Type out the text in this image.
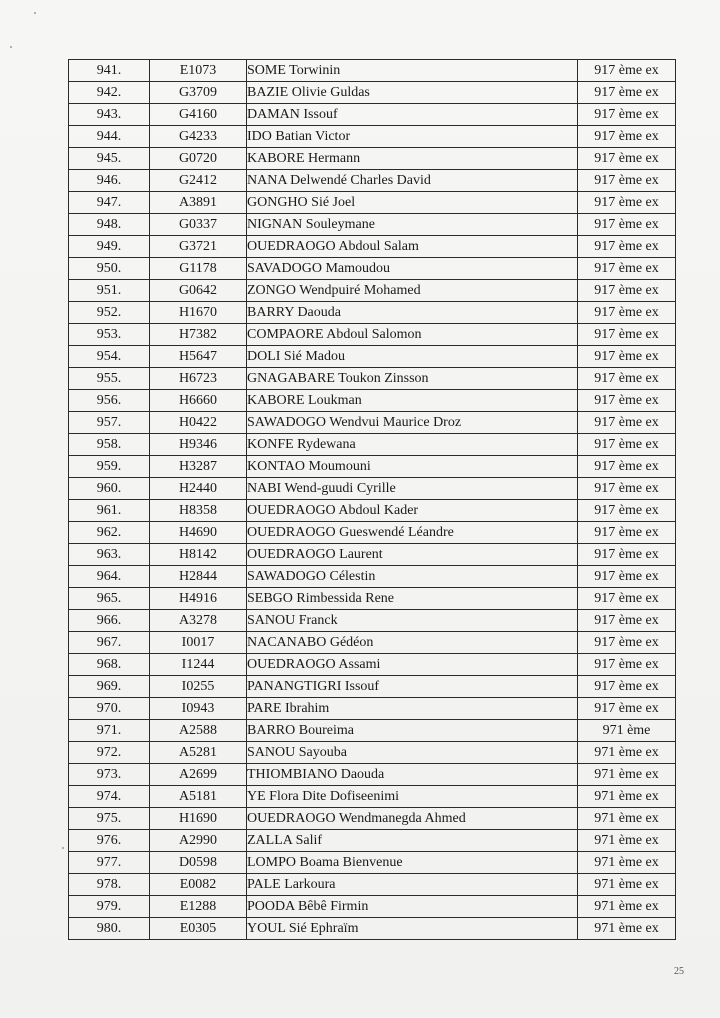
941.	E1073	SOME Torwinin	917 ème ex
942.	G3709	BAZIE Olivie Guldas	917 ème ex
943.	G4160	DAMAN Issouf	917 ème ex
944.	G4233	IDO Batian Victor	917 ème ex
945.	G0720	KABORE Hermann	917 ème ex
946.	G2412	NANA Delwendé Charles David	917 ème ex
947.	A3891	GONGHO Sié Joel	917 ème ex
948.	G0337	NIGNAN Souleymane	917 ème ex
949.	G3721	OUEDRAOGO Abdoul Salam	917 ème ex
950.	G1178	SAVADOGO Mamoudou	917 ème ex
951.	G0642	ZONGO Wendpuiré Mohamed	917 ème ex
952.	H1670	BARRY Daouda	917 ème ex
953.	H7382	COMPAORE Abdoul Salomon	917 ème ex
954.	H5647	DOLI Sié Madou	917 ème ex
955.	H6723	GNAGABARE Toukon Zinsson	917 ème ex
956.	H6660	KABORE Loukman	917 ème ex
957.	H0422	SAWADOGO Wendvui Maurice Droz	917 ème ex
958.	H9346	KONFE Rydewana	917 ème ex
959.	H3287	KONTAO Moumouni	917 ème ex
960.	H2440	NABI Wend-guudi Cyrille	917 ème ex
961.	H8358	OUEDRAOGO Abdoul Kader	917 ème ex
962.	H4690	OUEDRAOGO Gueswendé Léandre	917 ème ex
963.	H8142	OUEDRAOGO Laurent	917 ème ex
964.	H2844	SAWADOGO Célestin	917 ème ex
965.	H4916	SEBGO Rimbessida Rene	917 ème ex
966.	A3278	SANOU Franck	917 ème ex
967.	I0017	NACANABO Gédéon	917 ème ex
968.	I1244	OUEDRAOGO Assami	917 ème ex
969.	I0255	PANANGTIGRI Issouf	917 ème ex
970.	I0943	PARE Ibrahim	917 ème ex
971.	A2588	BARRO Boureima	971 ème
972.	A5281	SANOU Sayouba	971 ème ex
973.	A2699	THIOMBIANO Daouda	971 ème ex
974.	A5181	YE Flora Dite Dofiseenimi	971 ème ex
975.	H1690	OUEDRAOGO Wendmanegda Ahmed	971 ème ex
976.	A2990	ZALLA Salif	971 ème ex
977.	D0598	LOMPO Boama Bienvenue	971 ème ex
978.	E0082	PALE Larkoura	971 ème ex
979.	E1288	POODA Bêbê Firmin	971 ème ex
980.	E0305	YOUL Sié Ephraïm	971 ème ex
25
